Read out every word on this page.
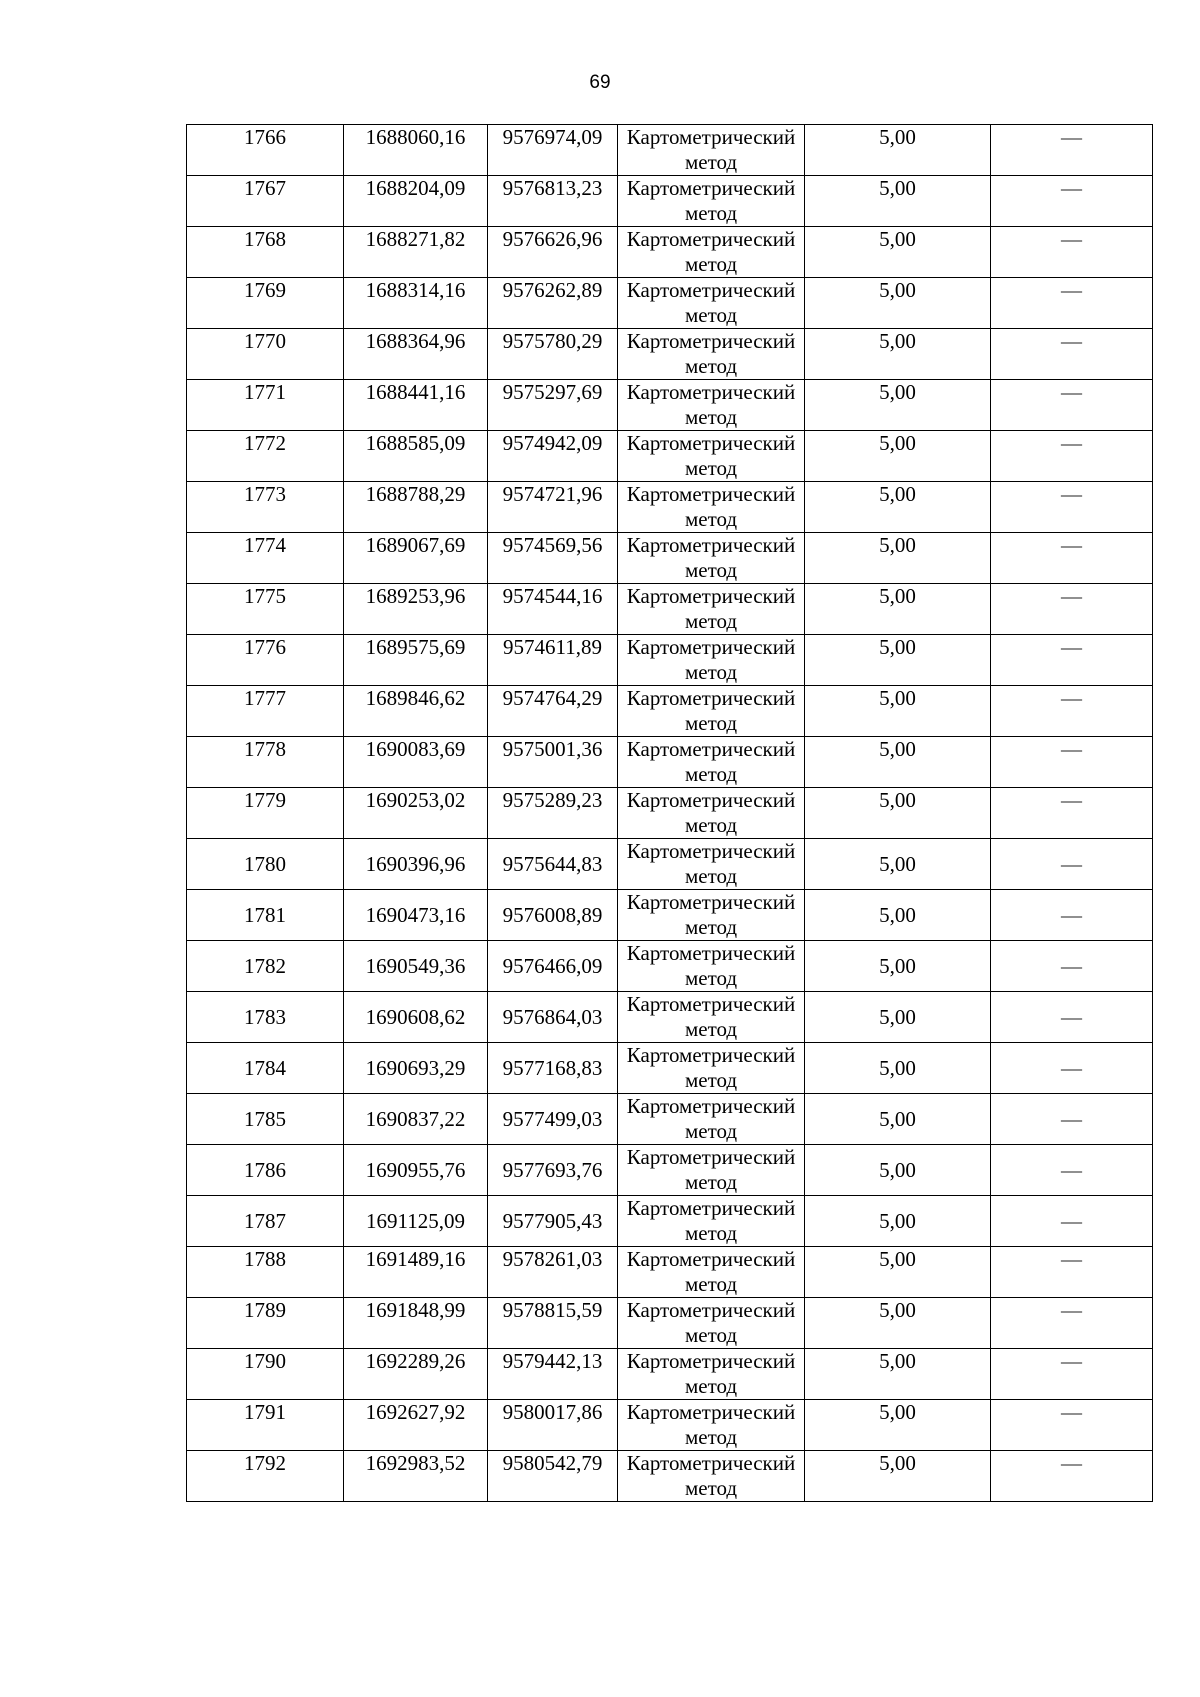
69
1766	1688060,16	9576974,09	Картометрический метод	5,00	—
1767	1688204,09	9576813,23	Картометрический метод	5,00	—
1768	1688271,82	9576626,96	Картометрический метод	5,00	—
1769	1688314,16	9576262,89	Картометрический метод	5,00	—
1770	1688364,96	9575780,29	Картометрический метод	5,00	—
1771	1688441,16	9575297,69	Картометрический метод	5,00	—
1772	1688585,09	9574942,09	Картометрический метод	5,00	—
1773	1688788,29	9574721,96	Картометрический метод	5,00	—
1774	1689067,69	9574569,56	Картометрический метод	5,00	—
1775	1689253,96	9574544,16	Картометрический метод	5,00	—
1776	1689575,69	9574611,89	Картометрический метод	5,00	—
1777	1689846,62	9574764,29	Картометрический метод	5,00	—
1778	1690083,69	9575001,36	Картометрический метод	5,00	—
1779	1690253,02	9575289,23	Картометрический метод	5,00	—
1780	1690396,96	9575644,83	Картометрический метод	5,00	—
1781	1690473,16	9576008,89	Картометрический метод	5,00	—
1782	1690549,36	9576466,09	Картометрический метод	5,00	—
1783	1690608,62	9576864,03	Картометрический метод	5,00	—
1784	1690693,29	9577168,83	Картометрический метод	5,00	—
1785	1690837,22	9577499,03	Картометрический метод	5,00	—
1786	1690955,76	9577693,76	Картометрический метод	5,00	—
1787	1691125,09	9577905,43	Картометрический метод	5,00	—
1788	1691489,16	9578261,03	Картометрический метод	5,00	—
1789	1691848,99	9578815,59	Картометрический метод	5,00	—
1790	1692289,26	9579442,13	Картометрический метод	5,00	—
1791	1692627,92	9580017,86	Картометрический метод	5,00	—
1792	1692983,52	9580542,79	Картометрический метод	5,00	—
